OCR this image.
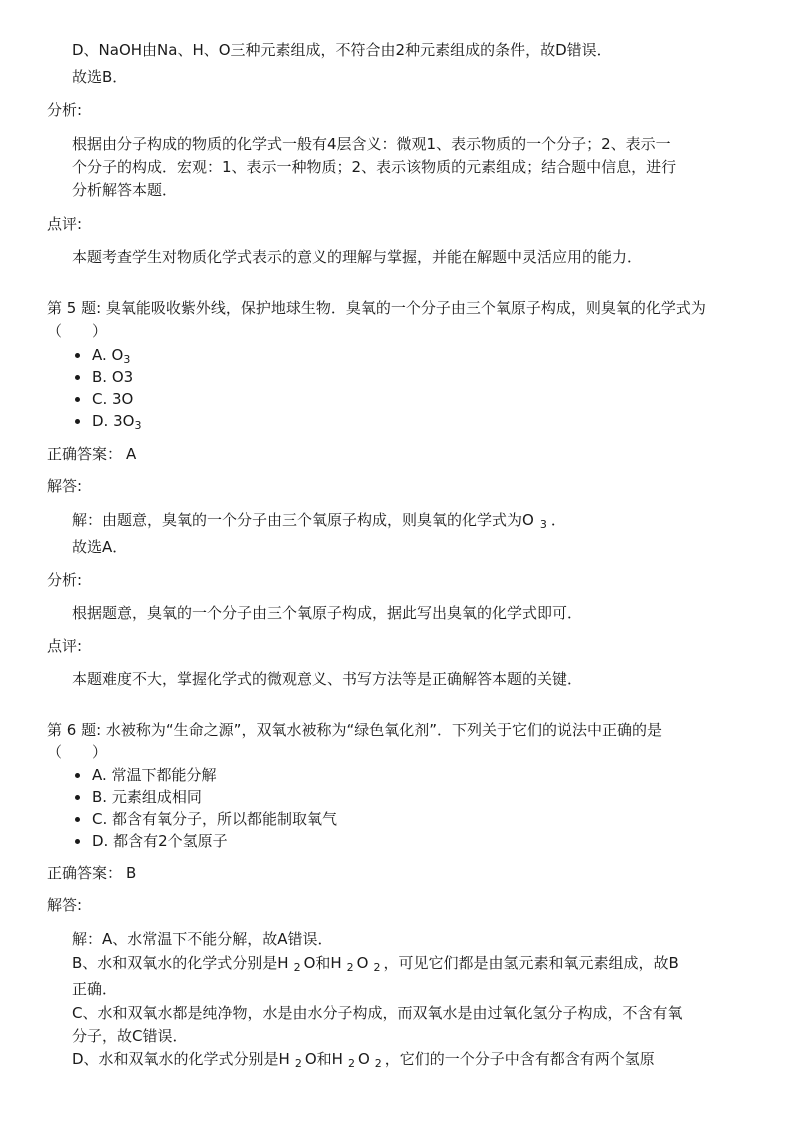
D、NaOH由Na、H、O三种元素组成，不符合由2种元素组成的条件，故D错误．
故选B．
分析:
根据由分子构成的物质的化学式一般有4层含义：微观1、表示物质的一个分子；2、表示一
个分子的构成．宏观：1、表示一种物质；2、表示该物质的元素组成；结合题中信息，进行
分析解答本题．
点评:
本题考查学生对物质化学式表示的意义的理解与掌握，并能在解题中灵活应用的能力．
第 5 题: 臭氧能吸收紫外线，保护地球生物．臭氧的一个分子由三个氧原子构成，则臭氧的化学式为
（　　）
A. $O_3$
B. O3
C. 3O
D. $3O_3$
正确答案： A
解答:
解：由题意，臭氧的一个分子由三个氧原子构成，则臭氧的化学式为O $_3$ ．
故选A．
分析:
根据题意，臭氧的一个分子由三个氧原子构成，据此写出臭氧的化学式即可．
点评:
本题难度不大，掌握化学式的微观意义、书写方法等是正确解答本题的关键．
第 6 题: 水被称为“生命之源”，双氧水被称为“绿色氧化剂”．下列关于它们的说法中正确的是
（　　）
A. 常温下都能分解
B. 元素组成相同
C. 都含有氧分子，所以都能制取氧气
D. 都含有2个氢原子
正确答案： B
解答:
解：A、水常温下不能分解，故A错误．
B、水和双氧水的化学式分别是H $_2$ O和H $_2$ O $_2$ ，可见它们都是由氢元素和氧元素组成，故B
正确．
C、水和双氧水都是纯净物，水是由水分子构成，而双氧水是由过氧化氢分子构成，不含有氧
分子，故C错误．
D、水和双氧水的化学式分别是H $_2$ O和H $_2$ O $_2$ ，它们的一个分子中含有都含有两个氢原
